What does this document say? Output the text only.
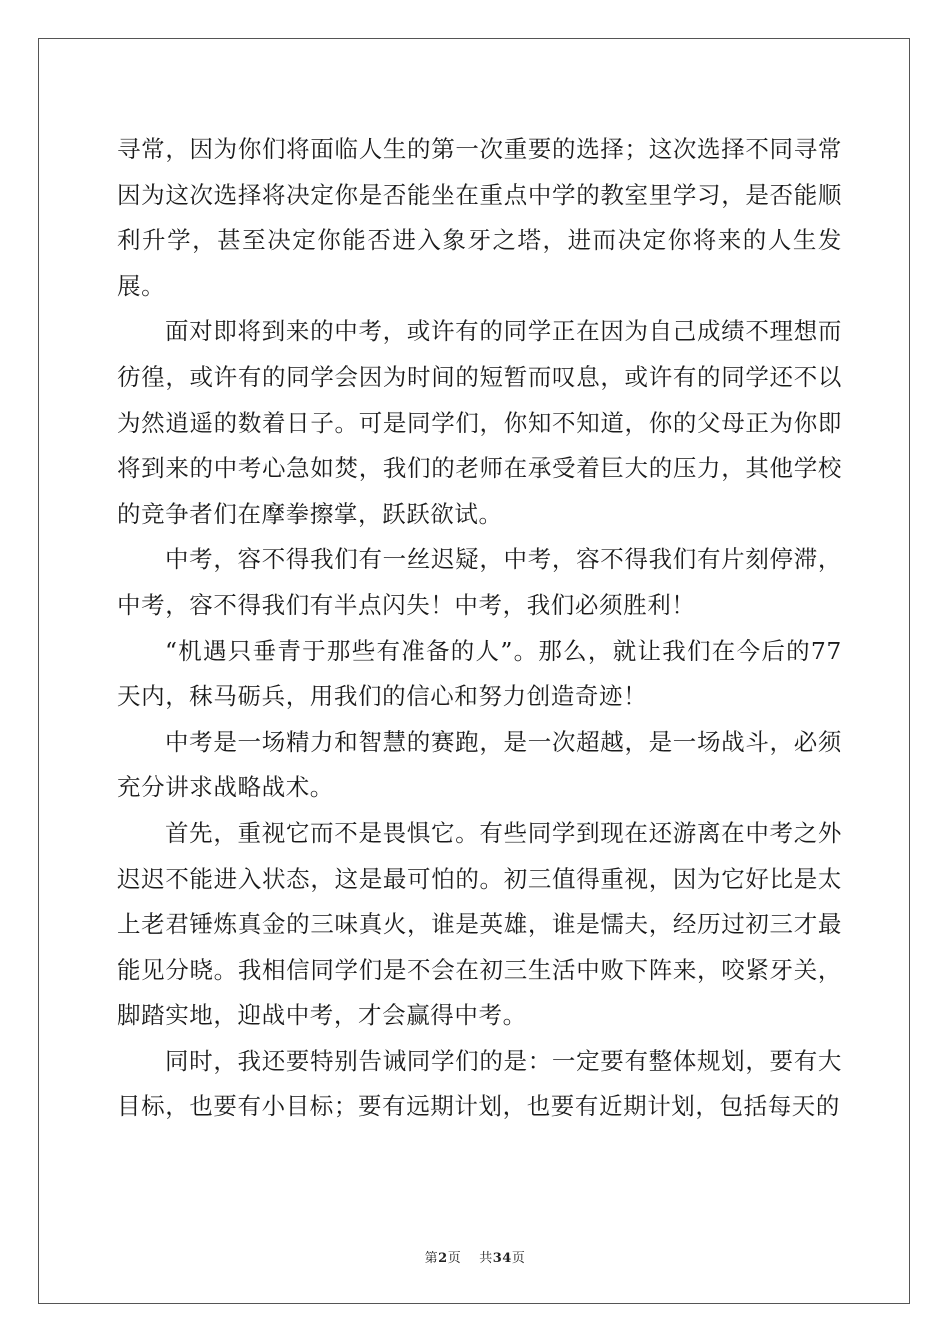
寻常，因为你们将面临人生的第一次重要的选择；这次选择不同寻常因为这次选择将决定你是否能坐在重点中学的教室里学习，是否能顺利升学，甚至决定你能否进入象牙之塔，进而决定你将来的人生发展。

面对即将到来的中考，或许有的同学正在因为自己成绩不理想而彷徨，或许有的同学会因为时间的短暂而叹息，或许有的同学还不以为然逍遥的数着日子。可是同学们，你知不知道，你的父母正为你即将到来的中考心急如焚，我们的老师在承受着巨大的压力，其他学校的竞争者们在摩拳擦掌，跃跃欲试。

中考，容不得我们有一丝迟疑，中考，容不得我们有片刻停滞，中考，容不得我们有半点闪失！中考，我们必须胜利！

“机遇只垂青于那些有准备的人”。那么，就让我们在今后的77天内，秣马砺兵，用我们的信心和努力创造奇迹！

中考是一场精力和智慧的赛跑，是一次超越，是一场战斗，必须充分讲求战略战术。

首先，重视它而不是畏惧它。有些同学到现在还游离在中考之外迟迟不能进入状态，这是最可怕的。初三值得重视，因为它好比是太上老君锤炼真金的三味真火，谁是英雄，谁是懦夫，经历过初三才最能见分晓。我相信同学们是不会在初三生活中败下阵来，咬紧牙关，脚踏实地，迎战中考，才会赢得中考。

同时，我还要特别告诫同学们的是：一定要有整体规划，要有大目标，也要有小目标；要有远期计划，也要有近期计划，包括每天的

第2页 共34页
